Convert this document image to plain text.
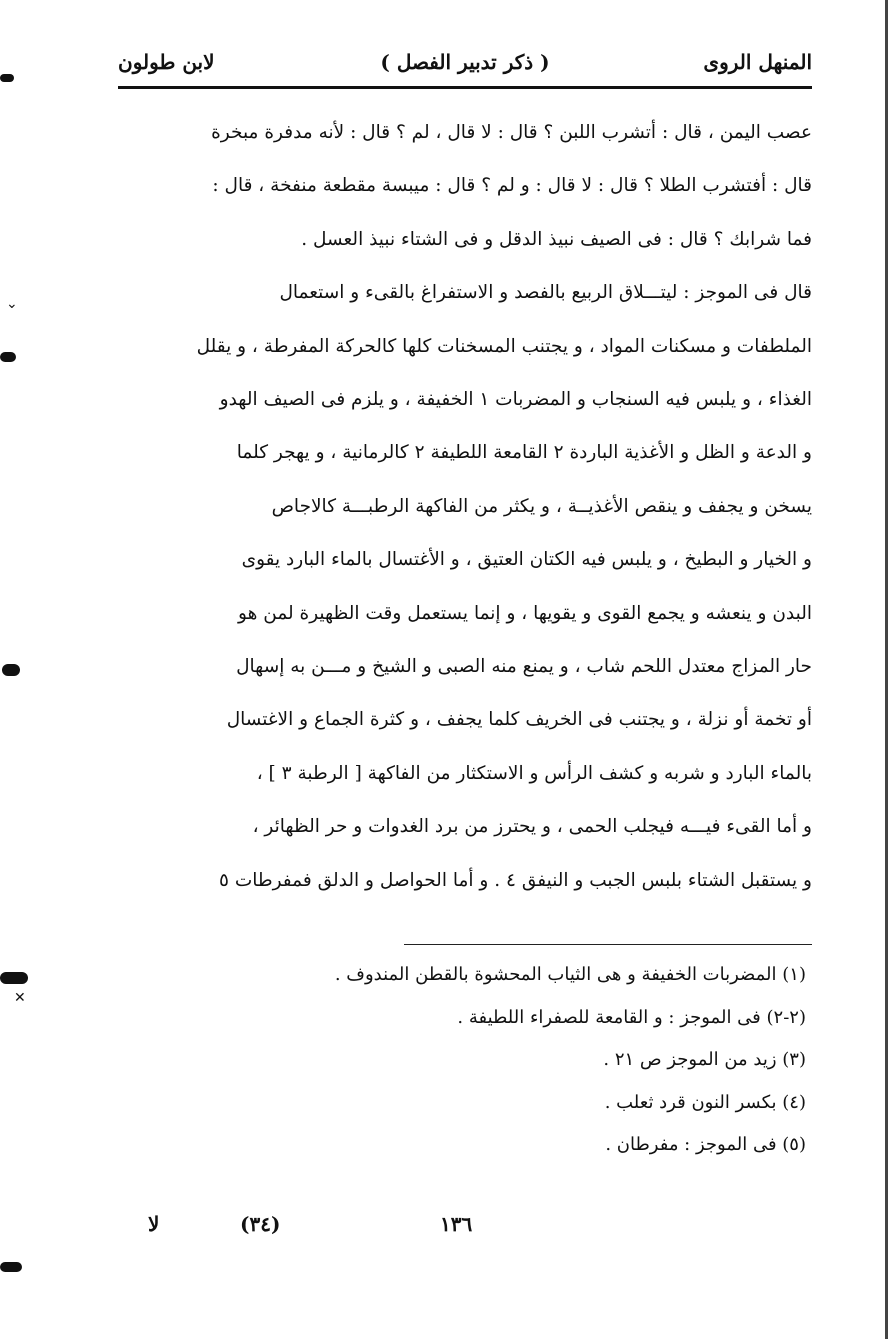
⌄
✕
المنهل الروى
( ذكر تدبير الفصل )
لابن طولون

عصب اليمن ، قال : أتشرب اللبن ؟ قال : لا قال ، لم ؟ قال : لأنه مدفرة مبخرة

قال : أفتشرب الطلا ؟ قال : لا قال : و لم ؟ قال : ميبسة مقطعة منفخة ، قال :

فما شرابك ؟ قال : فى الصيف نبيذ الدقل و فى الشتاء نبيذ العسل .

قال فى الموجز : ليتـــلاق الربيع بالفصد و الاستفراغ بالقىء و استعمال

الملطفات و مسكنات المواد ، و يجتنب المسخنات كلها كالحركة المفرطة ، و يقلل

الغذاء ، و يلبس فيه السنجاب و المضربات ١ الخفيفة ، و يلزم فى الصيف الهدو

و الدعة و الظل و الأغذية الباردة ٢ القامعة اللطيفة ٢ كالرمانية ، و يهجر كلما

يسخن و يجفف و ينقص الأغذيــة ، و يكثر من الفاكهة الرطبـــة كالاجاص

و الخيار و البطيخ ، و يلبس فيه الكتان العتيق ، و الأغتسال بالماء البارد يقوى

البدن و ينعشه و يجمع القوى و يقويها ، و إنما يستعمل وقت الظهيرة لمن هو

حار المزاج معتدل اللحم شاب ، و يمنع منه الصبى و الشيخ و مـــن به إسهال

أو تخمة أو نزلة ، و يجتنب فى الخريف كلما يجفف ، و كثرة الجماع و الاغتسال

بالماء البارد و شربه و كشف الرأس و الاستكثار من الفاكهة [ الرطبة ٣ ] ،

و أما القىء فيـــه فيجلب الحمى ، و يحترز من برد الغدوات و حر الظهائر ،

و يستقبل الشتاء بلبس الجبب و النيفق ٤ . و أما الحواصل و الدلق فمفرطات ٥

(١) المضربات الخفيفة و هى الثياب المحشوة بالقطن المندوف .
(٢-٢) فى الموجز : و القامعة للصفراء اللطيفة .
(٣) زيد من الموجز ص ٢١ .
(٤) بكسر النون قرد ثعلب .
(٥) فى الموجز : مفرطان .
لا	(٣٤)	١٣٦
